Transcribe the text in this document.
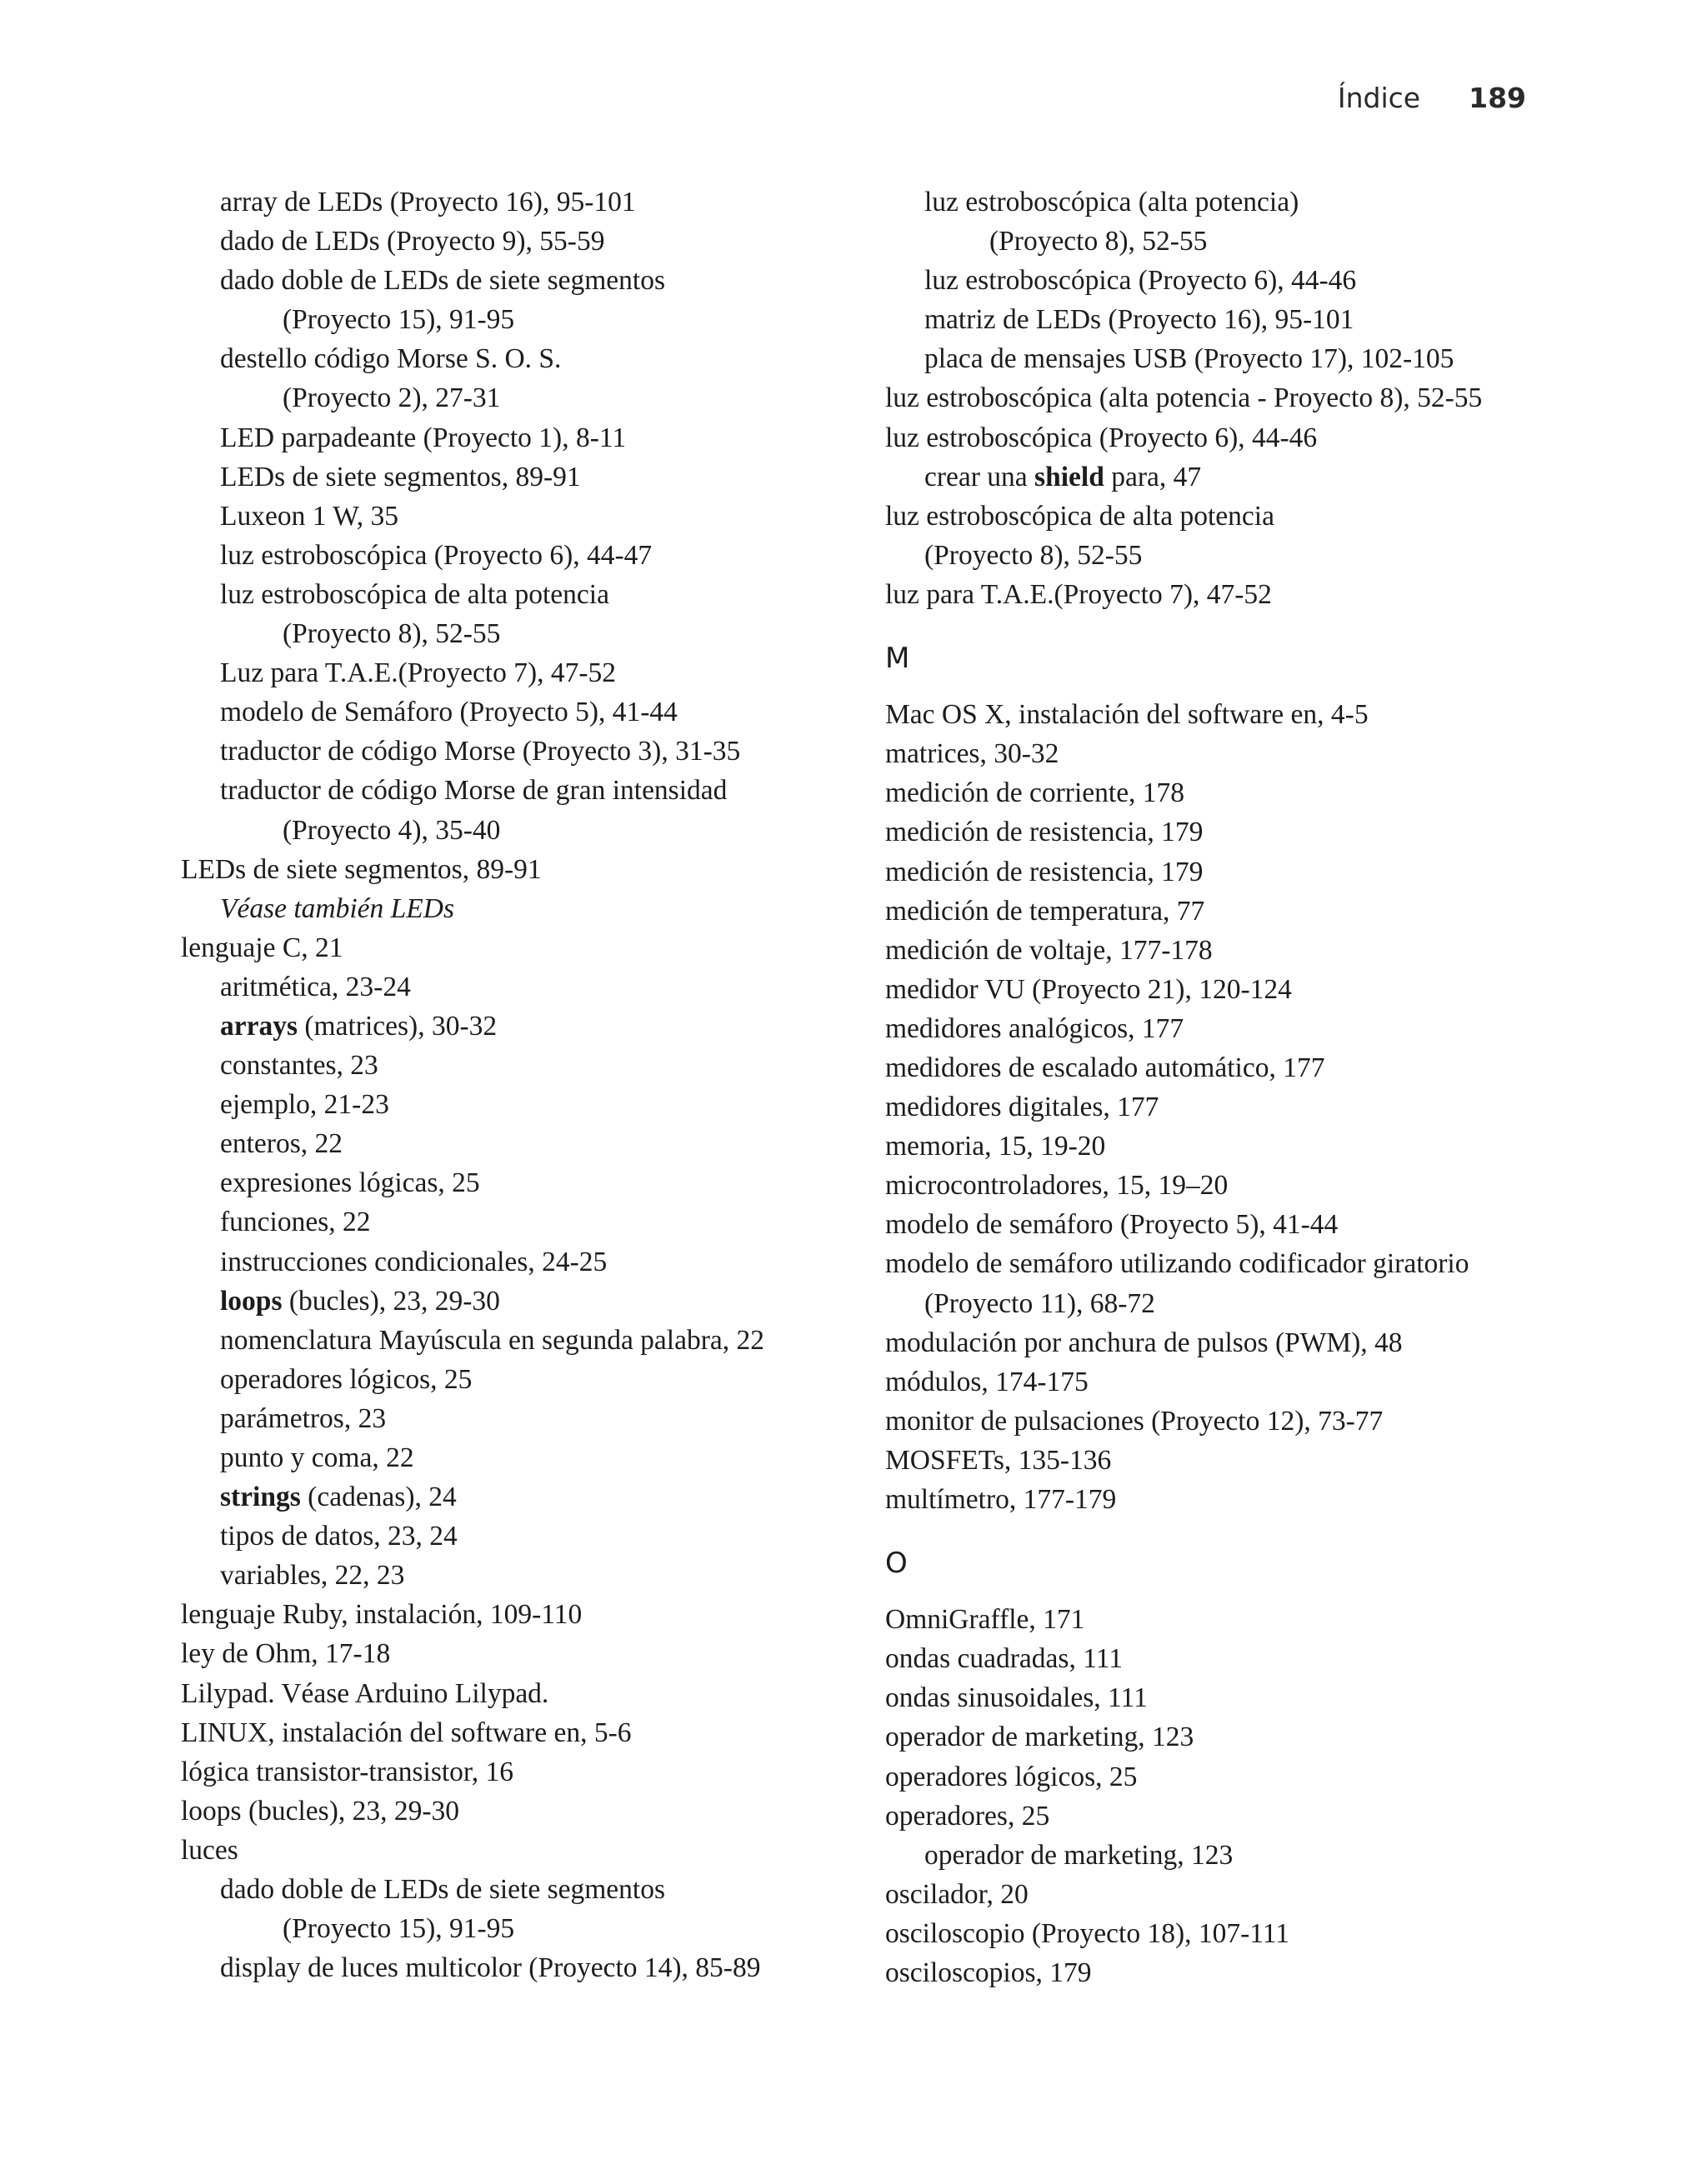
Índice 189
array de LEDs (Proyecto 16), 95-101
dado de LEDs (Proyecto 9), 55-59
dado doble de LEDs de siete segmentos
(Proyecto 15), 91-95
destello código Morse S. O. S.
(Proyecto 2), 27-31
LED parpadeante (Proyecto 1), 8-11
LEDs de siete segmentos, 89-91
Luxeon 1 W, 35
luz estroboscópica (Proyecto 6), 44-47
luz estroboscópica de alta potencia
(Proyecto 8), 52-55
Luz para T.A.E.(Proyecto 7), 47-52
modelo de Semáforo (Proyecto 5), 41-44
traductor de código Morse (Proyecto 3), 31-35
traductor de código Morse de gran intensidad
(Proyecto 4), 35-40
LEDs de siete segmentos, 89-91
Véase también LEDs
lenguaje C, 21
aritmética, 23-24
arrays (matrices), 30-32
constantes, 23
ejemplo, 21-23
enteros, 22
expresiones lógicas, 25
funciones, 22
instrucciones condicionales, 24-25
loops (bucles), 23, 29-30
nomenclatura Mayúscula en segunda palabra, 22
operadores lógicos, 25
parámetros, 23
punto y coma, 22
strings (cadenas), 24
tipos de datos, 23, 24
variables, 22, 23
lenguaje Ruby, instalación, 109-110
ley de Ohm, 17-18
Lilypad. Véase Arduino Lilypad.
LINUX, instalación del software en, 5-6
lógica transistor-transistor, 16
loops (bucles), 23, 29-30
luces
dado doble de LEDs de siete segmentos
(Proyecto 15), 91-95
display de luces multicolor (Proyecto 14), 85-89
luz estroboscópica (alta potencia)
(Proyecto 8), 52-55
luz estroboscópica (Proyecto 6), 44-46
matriz de LEDs (Proyecto 16), 95-101
placa de mensajes USB (Proyecto 17), 102-105
luz estroboscópica (alta potencia - Proyecto 8), 52-55
luz estroboscópica (Proyecto 6), 44-46
crear una shield para, 47
luz estroboscópica de alta potencia
(Proyecto 8), 52-55
luz para T.A.E.(Proyecto 7), 47-52
M
Mac OS X, instalación del software en, 4-5
matrices, 30-32
medición de corriente, 178
medición de resistencia, 179
medición de resistencia, 179
medición de temperatura, 77
medición de voltaje, 177-178
medidor VU (Proyecto 21), 120-124
medidores analógicos, 177
medidores de escalado automático, 177
medidores digitales, 177
memoria, 15, 19-20
microcontroladores, 15, 19–20
modelo de semáforo (Proyecto 5), 41-44
modelo de semáforo utilizando codificador giratorio
(Proyecto 11), 68-72
modulación por anchura de pulsos (PWM), 48
módulos, 174-175
monitor de pulsaciones (Proyecto 12), 73-77
MOSFETs, 135-136
multímetro, 177-179
O
OmniGraffle, 171
ondas cuadradas, 111
ondas sinusoidales, 111
operador de marketing, 123
operadores lógicos, 25
operadores, 25
operador de marketing, 123
oscilador, 20
osciloscopio (Proyecto 18), 107-111
osciloscopios, 179
